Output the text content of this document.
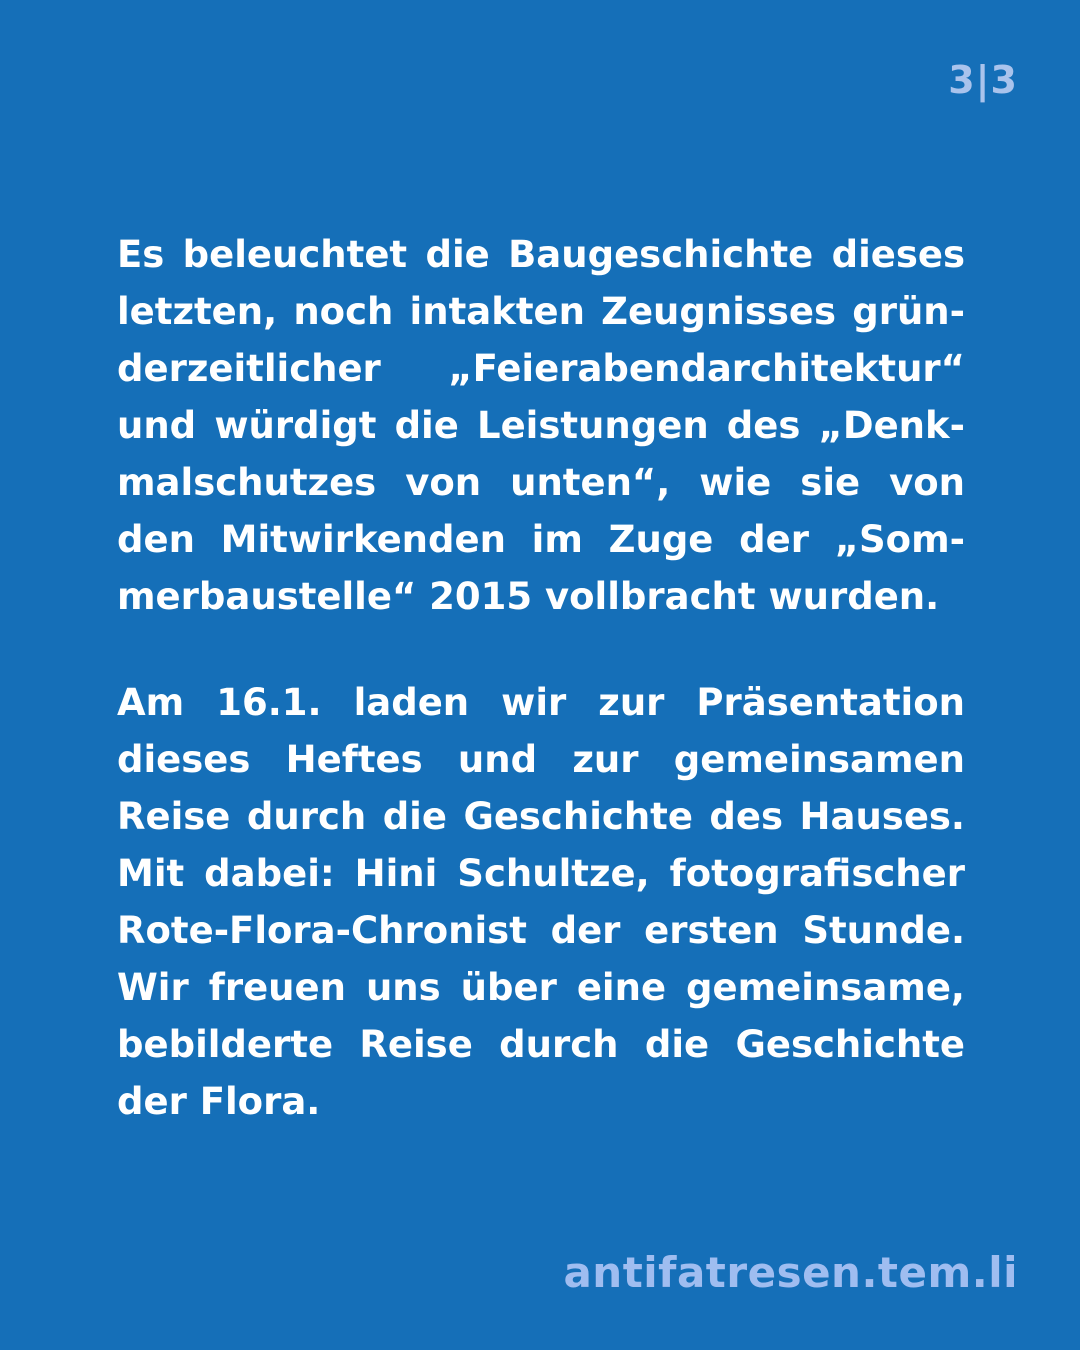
3|3
Es beleuchtet die Baugeschichte dieses
letzten, noch intakten Zeugnisses grün-
derzeitlicher „Feierabendarchitektur“
und würdigt die Leistungen des „Denk-
malschutzes von unten“, wie sie von
den Mitwirkenden im Zuge der „Som-
merbaustelle“ 2015 vollbracht wurden.
Am 16.1. laden wir zur Präsentation
dieses Heftes und zur gemeinsamen
Reise durch die Geschichte des Hauses.
Mit dabei: Hini Schultze, fotografischer
Rote-Flora-Chronist der ersten Stunde.
Wir freuen uns über eine gemeinsame,
bebilderte Reise durch die Geschichte
der Flora.
antifatresen.tem.li
